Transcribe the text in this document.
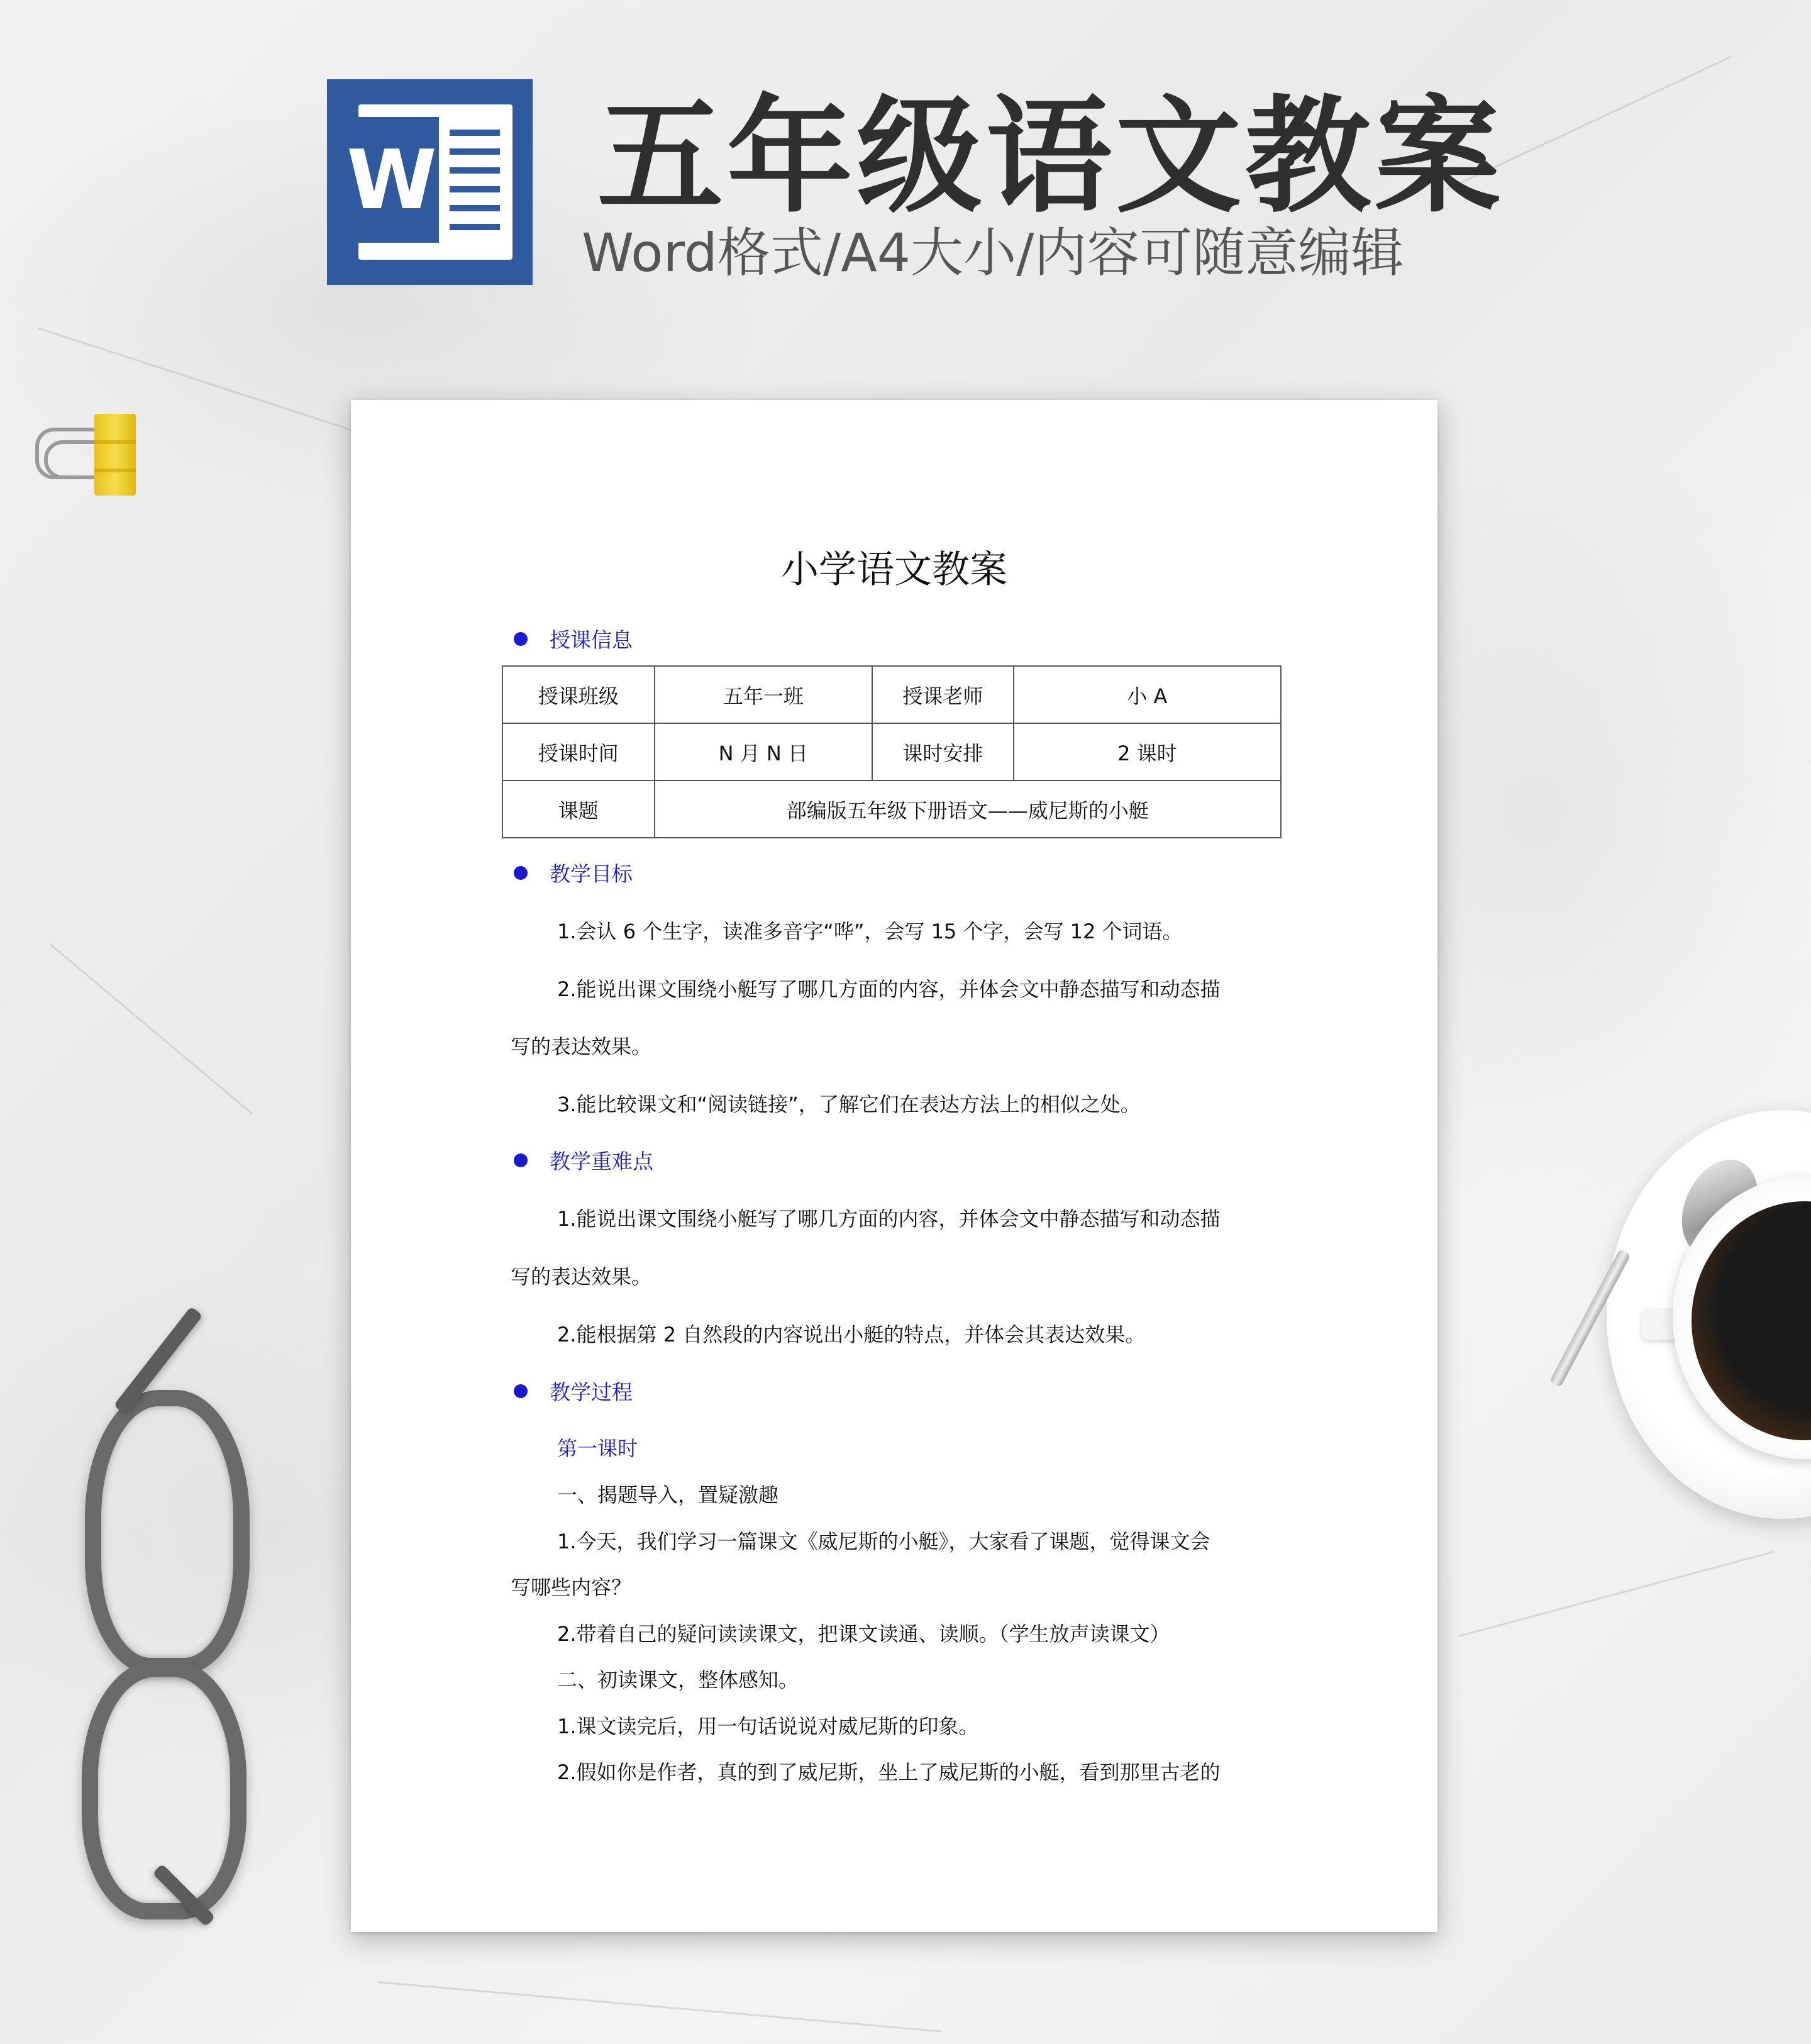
W 五年级语文教案
Word格式/A4大小/内容可随意编辑
小学语文教案
授课信息
授课班级	五年一班	授课老师	小 A
授课时间	N 月 N 日	课时安排	2 课时
课题	部编版五年级下册语文——威尼斯的小艇		
教学目标
1.会认 6 个生字，读准多音字“哗”，会写 15 个字，会写 12 个词语。
2.能说出课文围绕小艇写了哪几方面的内容，并体会文中静态描写和动态描
写的表达效果。
3.能比较课文和“阅读链接”，了解它们在表达方法上的相似之处。
教学重难点
1.能说出课文围绕小艇写了哪几方面的内容，并体会文中静态描写和动态描
写的表达效果。
2.能根据第 2 自然段的内容说出小艇的特点，并体会其表达效果。
教学过程
第一课时
一、揭题导入，置疑激趣
1.今天，我们学习一篇课文《威尼斯的小艇》，大家看了课题，觉得课文会
写哪些内容？
2.带着自己的疑问读读课文，把课文读通、读顺。（学生放声读课文）
二、初读课文，整体感知。
1.课文读完后，用一句话说说对威尼斯的印象。
2.假如你是作者，真的到了威尼斯，坐上了威尼斯的小艇，看到那里古老的
